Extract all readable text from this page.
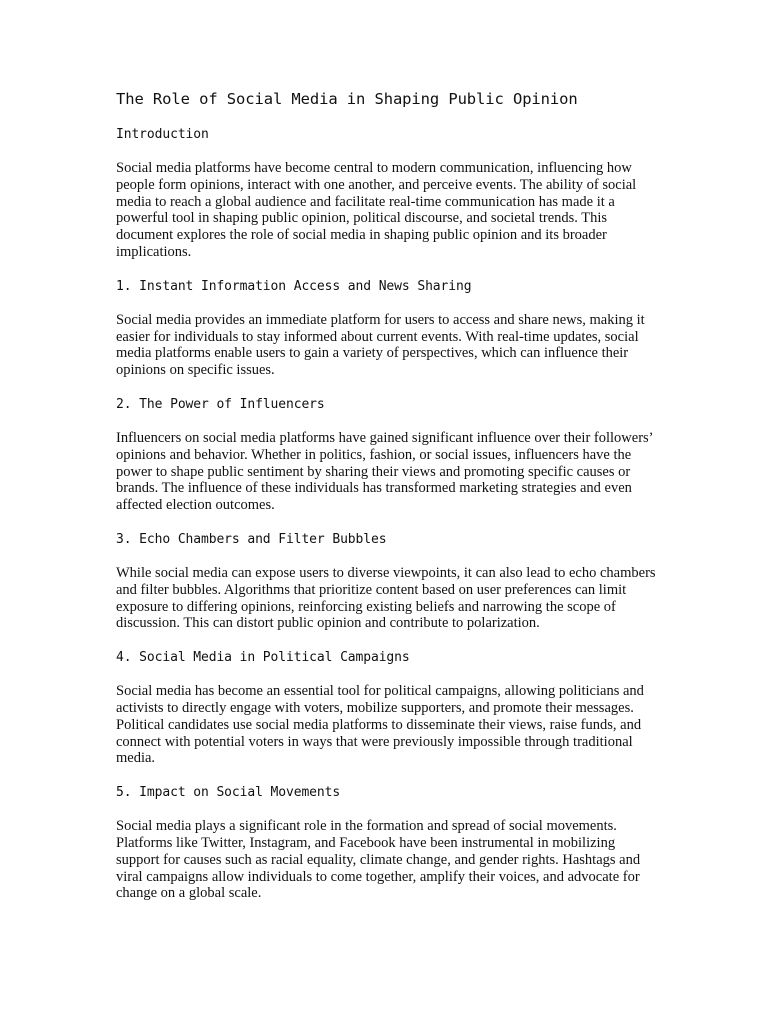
The Role of Social Media in Shaping Public Opinion
Introduction

Social media platforms have become central to modern communication, influencing how people form opinions, interact with one another, and perceive events. The ability of social media to reach a global audience and facilitate real-time communication has made it a powerful tool in shaping public opinion, political discourse, and societal trends. This document explores the role of social media in shaping public opinion and its broader implications.

1. Instant Information Access and News Sharing

Social media provides an immediate platform for users to access and share news, making it easier for individuals to stay informed about current events. With real-time updates, social media platforms enable users to gain a variety of perspectives, which can influence their opinions on specific issues.

2. The Power of Influencers

Influencers on social media platforms have gained significant influence over their followers’ opinions and behavior. Whether in politics, fashion, or social issues, influencers have the power to shape public sentiment by sharing their views and promoting specific causes or brands. The influence of these individuals has transformed marketing strategies and even affected election outcomes.

3. Echo Chambers and Filter Bubbles

While social media can expose users to diverse viewpoints, it can also lead to echo chambers and filter bubbles. Algorithms that prioritize content based on user preferences can limit exposure to differing opinions, reinforcing existing beliefs and narrowing the scope of discussion. This can distort public opinion and contribute to polarization.

4. Social Media in Political Campaigns

Social media has become an essential tool for political campaigns, allowing politicians and activists to directly engage with voters, mobilize supporters, and promote their messages. Political candidates use social media platforms to disseminate their views, raise funds, and connect with potential voters in ways that were previously impossible through traditional media.

5. Impact on Social Movements

Social media plays a significant role in the formation and spread of social movements. Platforms like Twitter, Instagram, and Facebook have been instrumental in mobilizing support for causes such as racial equality, climate change, and gender rights. Hashtags and viral campaigns allow individuals to come together, amplify their voices, and advocate for change on a global scale.
